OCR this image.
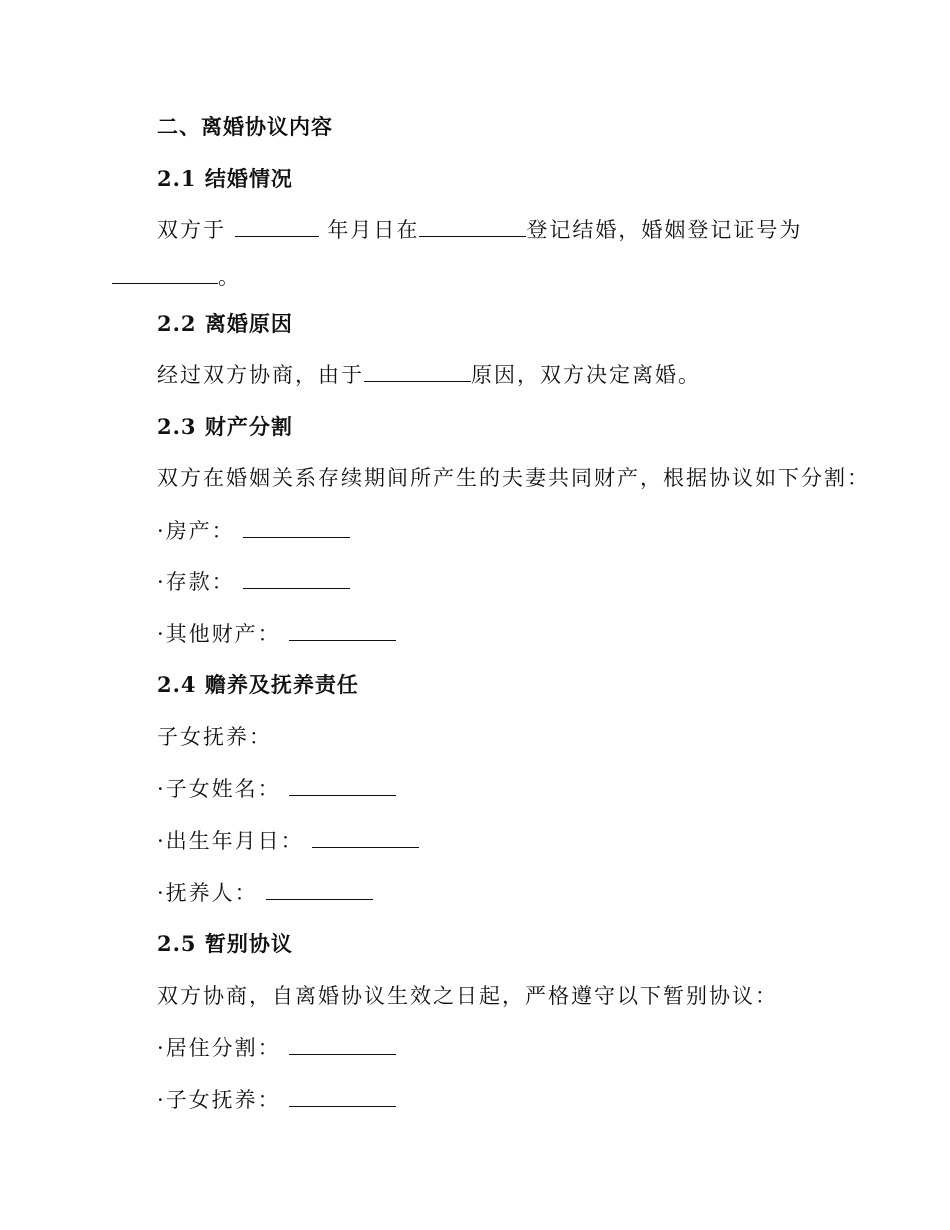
二、离婚协议内容
2.1 结婚情况
双方于	年月日在	登记结婚，婚姻登记证号为
。
2.2 离婚原因
经过双方协商，由于	原因，双方决定离婚。
2.3 财产分割
双方在婚姻关系存续期间所产生的夫妻共同财产，根据协议如下分割：
·房产：
·存款：
·其他财产：
2.4 赡养及抚养责任
子女抚养：
·子女姓名：
·出生年月日：
·抚养人：
2.5 暂别协议
双方协商，自离婚协议生效之日起，严格遵守以下暂别协议：
·居住分割：
·子女抚养：
